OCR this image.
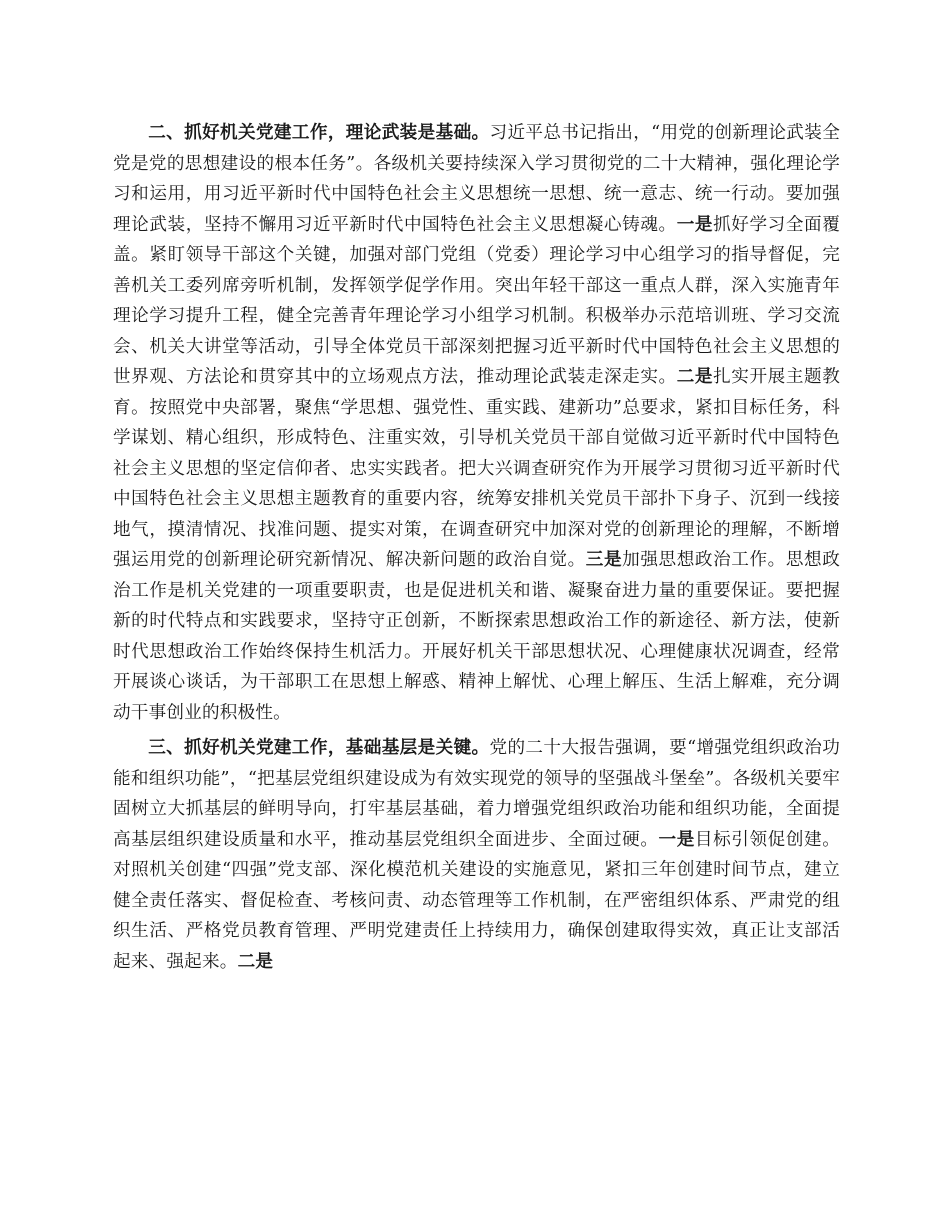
二、抓好机关党建工作，理论武装是基础。习近平总书记指出，“用党的创新理论武装全党是党的思想建设的根本任务”。各级机关要持续深入学习贯彻党的二十大精神，强化理论学习和运用，用习近平新时代中国特色社会主义思想统一思想、统一意志、统一行动。要加强理论武装，坚持不懈用习近平新时代中国特色社会主义思想凝心铸魂。一是抓好学习全面覆盖。紧盯领导干部这个关键，加强对部门党组（党委）理论学习中心组学习的指导督促，完善机关工委列席旁听机制，发挥领学促学作用。突出年轻干部这一重点人群，深入实施青年理论学习提升工程，健全完善青年理论学习小组学习机制。积极举办示范培训班、学习交流会、机关大讲堂等活动，引导全体党员干部深刻把握习近平新时代中国特色社会主义思想的世界观、方法论和贯穿其中的立场观点方法，推动理论武装走深走实。二是扎实开展主题教育。按照党中央部署，聚焦“学思想、强党性、重实践、建新功”总要求，紧扣目标任务，科学谋划、精心组织，形成特色、注重实效，引导机关党员干部自觉做习近平新时代中国特色社会主义思想的坚定信仰者、忠实实践者。把大兴调查研究作为开展学习贯彻习近平新时代中国特色社会主义思想主题教育的重要内容，统筹安排机关党员干部扑下身子、沉到一线接地气，摸清情况、找准问题、提实对策，在调查研究中加深对党的创新理论的理解，不断增强运用党的创新理论研究新情况、解决新问题的政治自觉。三是加强思想政治工作。思想政治工作是机关党建的一项重要职责，也是促进机关和谐、凝聚奋进力量的重要保证。要把握新的时代特点和实践要求，坚持守正创新，不断探索思想政治工作的新途径、新方法，使新时代思想政治工作始终保持生机活力。开展好机关干部思想状况、心理健康状况调查，经常开展谈心谈话，为干部职工在思想上解惑、精神上解忧、心理上解压、生活上解难，充分调动干事创业的积极性。

三、抓好机关党建工作，基础基层是关键。党的二十大报告强调，要“增强党组织政治功能和组织功能”，“把基层党组织建设成为有效实现党的领导的坚强战斗堡垒”。各级机关要牢固树立大抓基层的鲜明导向，打牢基层基础，着力增强党组织政治功能和组织功能，全面提高基层组织建设质量和水平，推动基层党组织全面进步、全面过硬。一是目标引领促创建。对照机关创建“四强”党支部、深化模范机关建设的实施意见，紧扣三年创建时间节点，建立健全责任落实、督促检查、考核问责、动态管理等工作机制，在严密组织体系、严肃党的组织生活、严格党员教育管理、严明党建责任上持续用力，确保创建取得实效，真正让支部活起来、强起来。二是
